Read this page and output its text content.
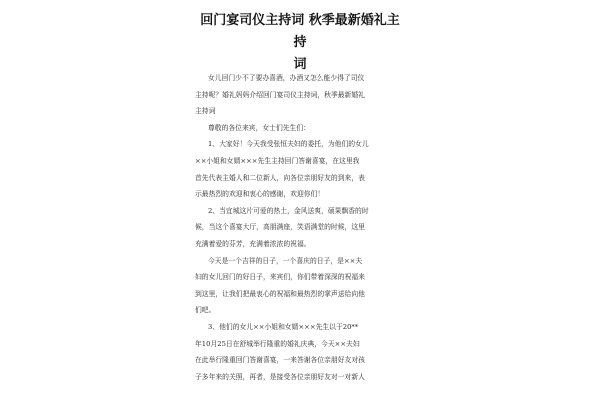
回门宴司仪主持词 秋季最新婚礼主持
词
女儿回门少不了要办喜酒，办酒又怎么能少得了司仪
主持呢？婚礼妈妈介绍回门宴司仪主持词，秋季最新婚礼
主持词
尊敬的各位来宾，女士们先生们：
1、大家好！今天我受张恒夫妇的委托，为他们的女儿
××小姐和女婿×××先生主持回门答谢喜宴，在这里我
首先代表主婚人和二位新人，向各位亲朋好友的到来，表
示最热烈的欢迎和衷心的感谢，欢迎你们！
2、当宜城这片可爱的热土，金风送爽，硕果飘香的时
候，当这个喜宴大厅，高朋满座，笑语满堂的时候，这里
充满着爱的芬芳，充满着浓浓的祝福。
今天是一个吉祥的日子，一个喜庆的日子，是××夫
妇的女儿回门的好日子，来宾们，你们带着深深的祝福来
到这里，让我们把最衷心的祝福和最热烈的掌声送给向他
们吧。
3、他们的女儿××小姐和女婿×××先生以于20**
年10月25日在舒城举行隆重的婚礼庆典，今天××夫妇
在此举行隆重回门答谢喜宴，一来答谢各位亲朋好友对孩
子多年来的关照，再者，是接受各位亲朋好友对一对新人
